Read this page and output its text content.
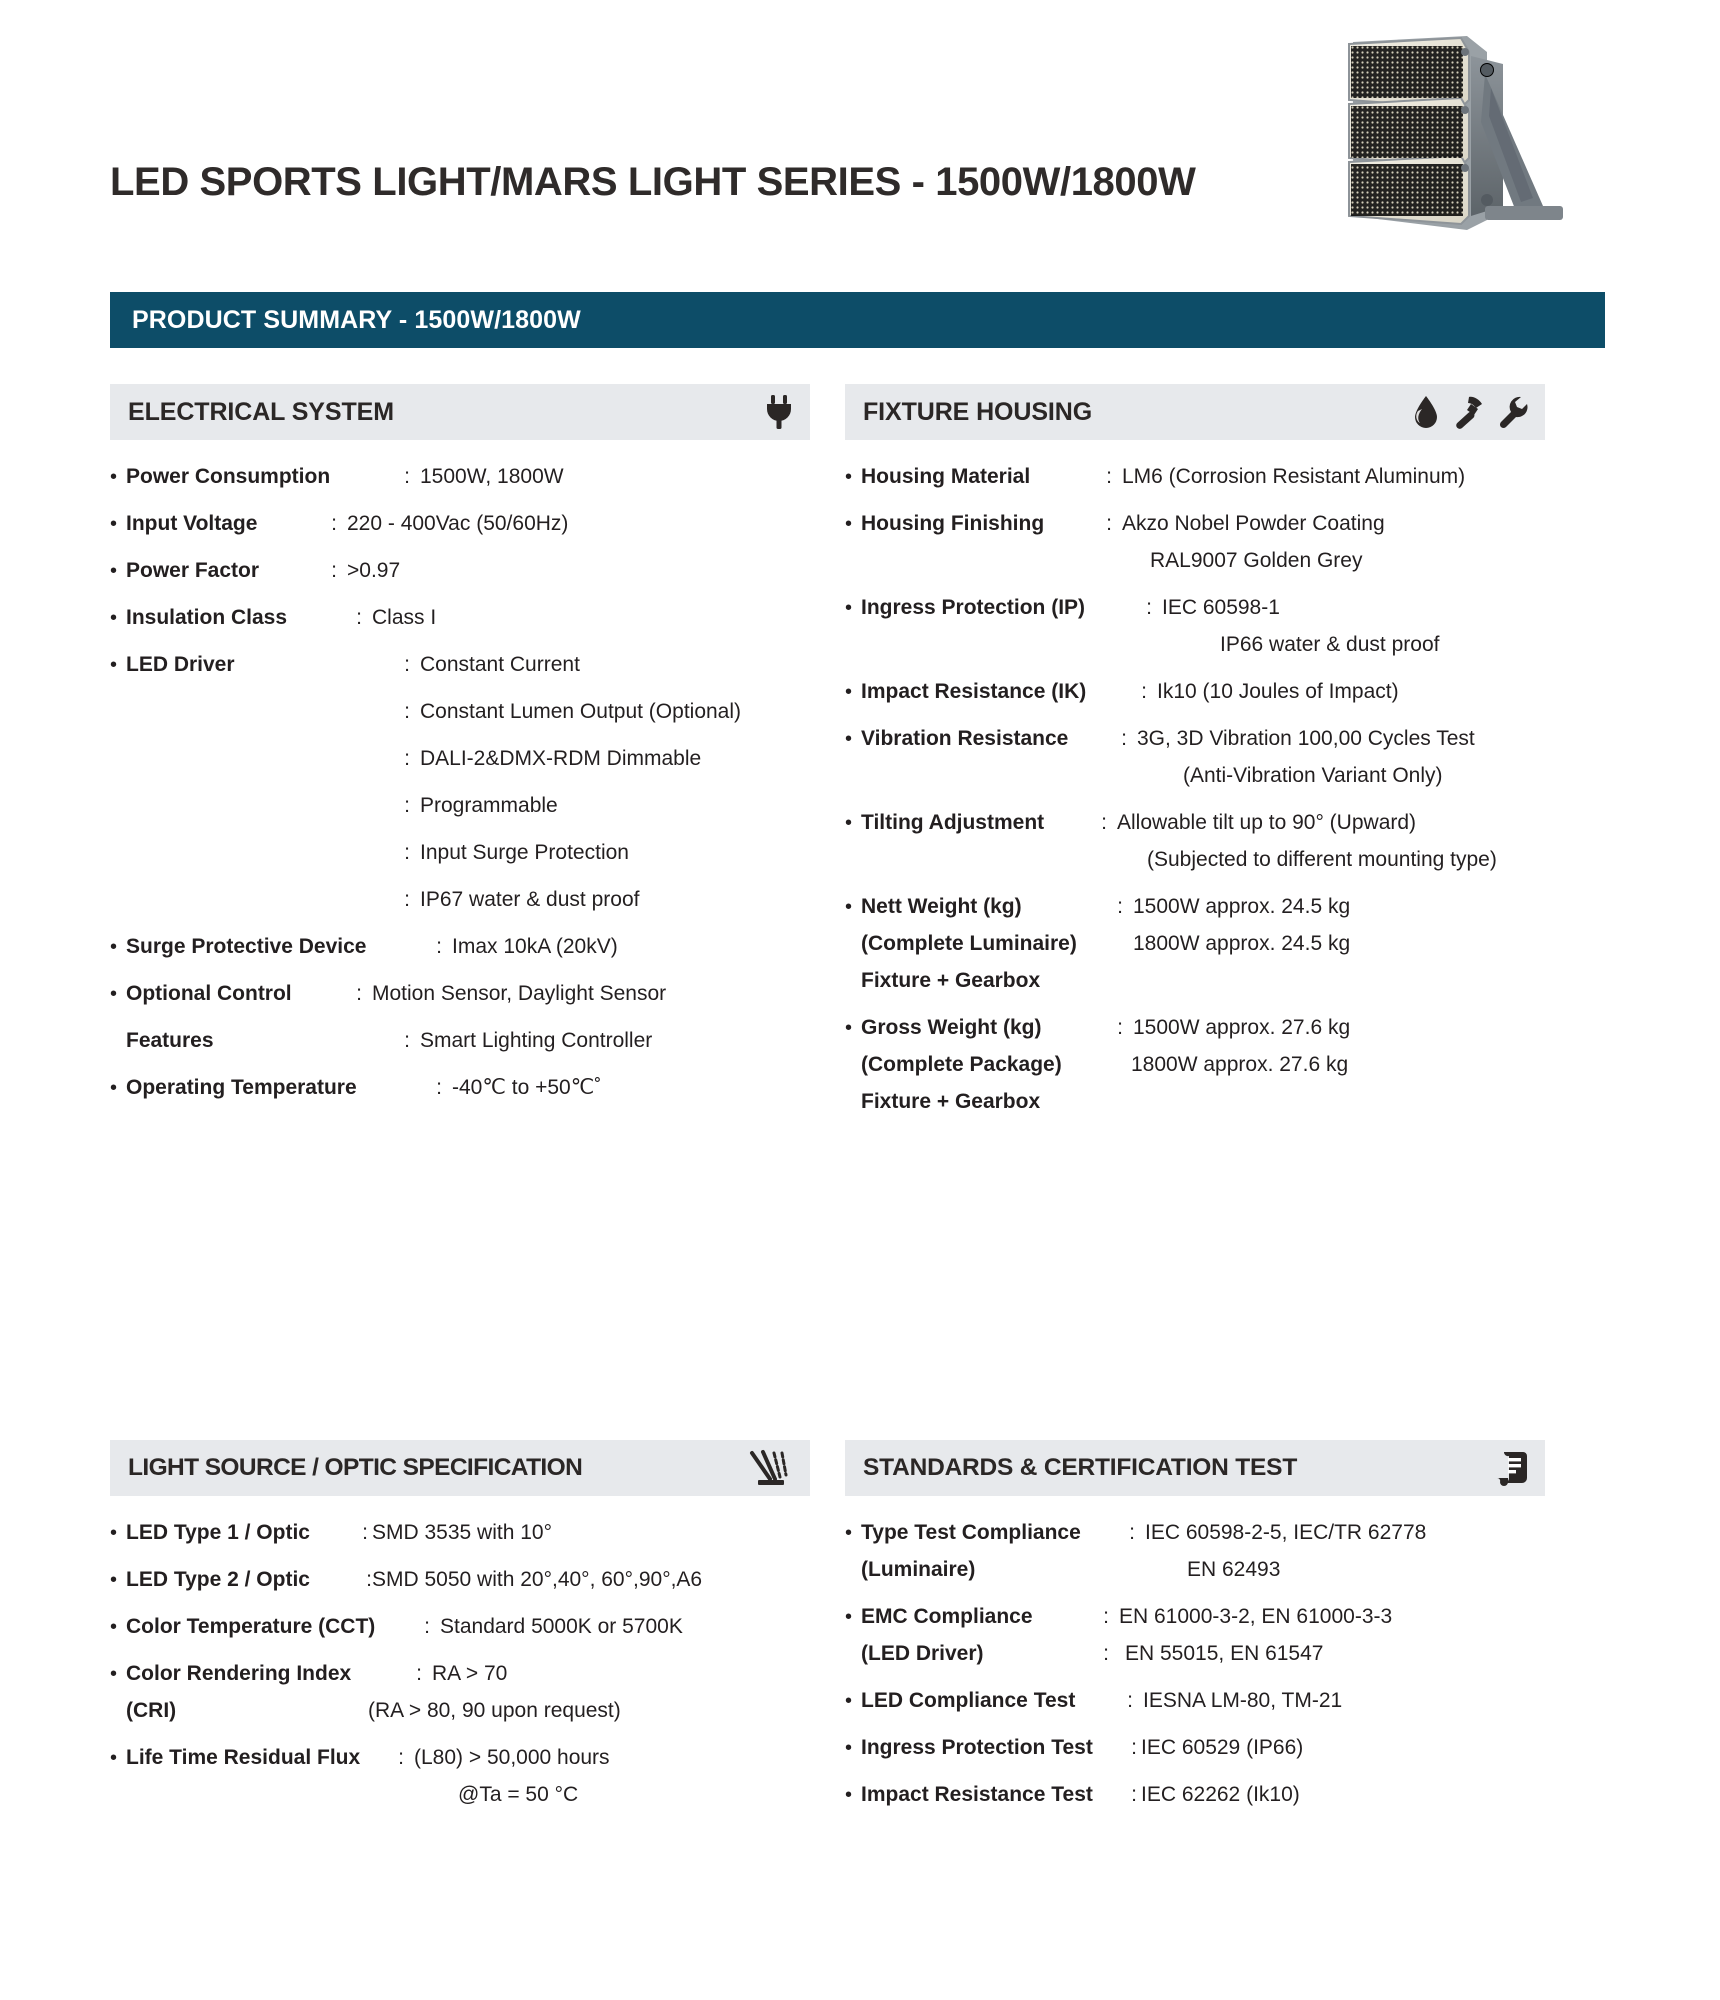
LED SPORTS LIGHT/MARS LIGHT SERIES - 1500W/1800W
PRODUCT SUMMARY - 1500W/1800W
ELECTRICAL SYSTEM
• Power Consumption	: 1500W, 1800W
• Input Voltage	: 220 - 400Vac (50/60Hz)
• Power Factor	: >0.97
• Insulation Class	: Class I
• LED Driver	: Constant Current
: Constant Lumen Output (Optional)
: DALI-2&DMX-RDM Dimmable
: Programmable
: Input Surge Protection
: IP67 water & dust proof
• Surge Protective Device	: Imax 10kA (20kV)
• Optional Control	: Motion Sensor, Daylight Sensor
Features	: Smart Lighting Controller
• Operating Temperature	: -40℃ to +50℃˚
FIXTURE HOUSING
• Housing Material	: LM6 (Corrosion Resistant Aluminum)
• Housing Finishing	: Akzo Nobel Powder Coating
RAL9007 Golden Grey
• Ingress Protection (IP)	: IEC 60598-1
IP66 water & dust proof
• Impact Resistance (IK)	: Ik10 (10 Joules of Impact)
• Vibration Resistance	: 3G, 3D Vibration 100,00 Cycles Test
(Anti-Vibration Variant Only)
• Tilting Adjustment	: Allowable tilt up to 90° (Upward)
(Subjected to different mounting type)
• Nett Weight (kg)	: 1500W approx. 24.5 kg
(Complete Luminaire)	1800W approx. 24.5 kg
Fixture + Gearbox
• Gross Weight (kg)	: 1500W approx. 27.6 kg
(Complete Package)	1800W approx. 27.6 kg
Fixture + Gearbox
LIGHT SOURCE / OPTIC SPECIFICATION
• LED Type 1 / Optic	: SMD 3535 with 10°
• LED Type 2 / Optic	: SMD 5050 with 20°,40°, 60°,90°,A6
• Color Temperature (CCT)	: Standard 5000K or 5700K
• Color Rendering Index	: RA > 70
(CRI)	(RA > 80, 90 upon request)
• Life Time Residual Flux	: (L80) > 50,000 hours
@Ta = 50 °C
STANDARDS & CERTIFICATION TEST
• Type Test Compliance	: IEC 60598-2-5, IEC/TR 62778
(Luminaire)	EN 62493
• EMC Compliance	: EN 61000-3-2, EN 61000-3-3
(LED Driver)	: EN 55015, EN 61547
• LED Compliance Test	: IESNA LM-80, TM-21
• Ingress Protection Test	: IEC 60529 (IP66)
• Impact Resistance Test	: IEC 62262 (Ik10)
